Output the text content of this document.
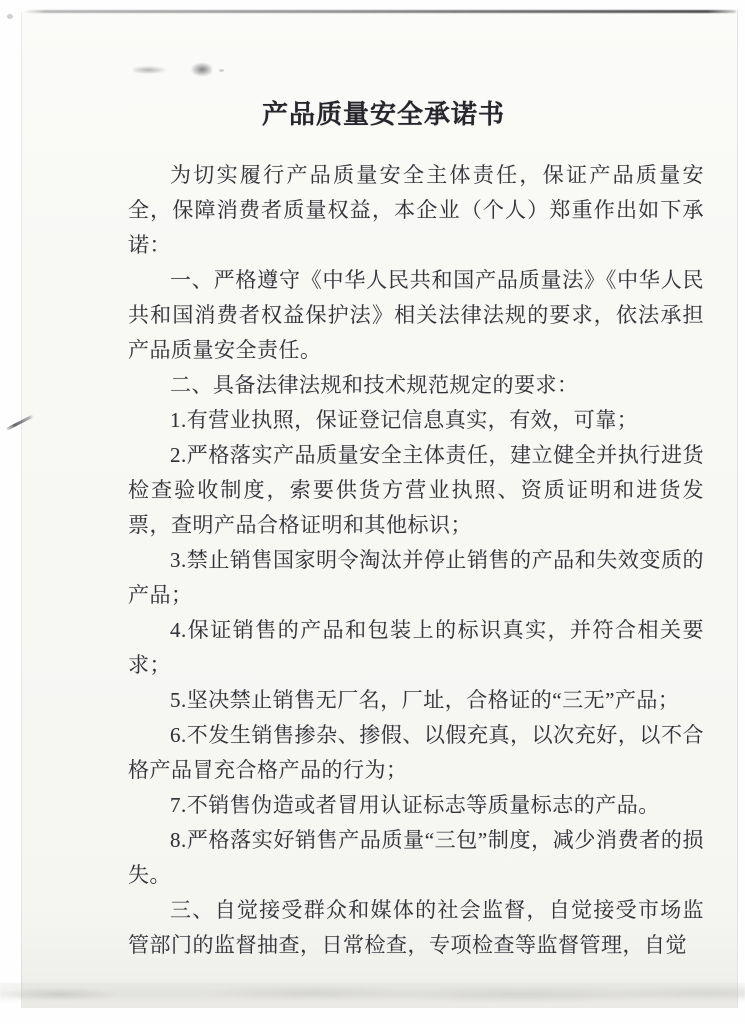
产品质量安全承诺书

为切实履行产品质量安全主体责任，保证产品质量安全，保障消费者质量权益，本企业（个人）郑重作出如下承诺：

一、严格遵守《中华人民共和国产品质量法》《中华人民共和国消费者权益保护法》相关法律法规的要求，依法承担产品质量安全责任。

二、具备法律法规和技术规范规定的要求：

1.有营业执照，保证登记信息真实，有效，可靠；

2.严格落实产品质量安全主体责任，建立健全并执行进货检查验收制度，索要供货方营业执照、资质证明和进货发票，查明产品合格证明和其他标识；

3.禁止销售国家明令淘汰并停止销售的产品和失效变质的产品；

4.保证销售的产品和包装上的标识真实，并符合相关要求；

5.坚决禁止销售无厂名，厂址，合格证的“三无”产品；

6.不发生销售掺杂、掺假、以假充真，以次充好，以不合格产品冒充合格产品的行为；

7.不销售伪造或者冒用认证标志等质量标志的产品。

8.严格落实好销售产品质量“三包”制度，减少消费者的损失。

三、自觉接受群众和媒体的社会监督，自觉接受市场监管部门的监督抽查，日常检查，专项检查等监督管理，自觉
